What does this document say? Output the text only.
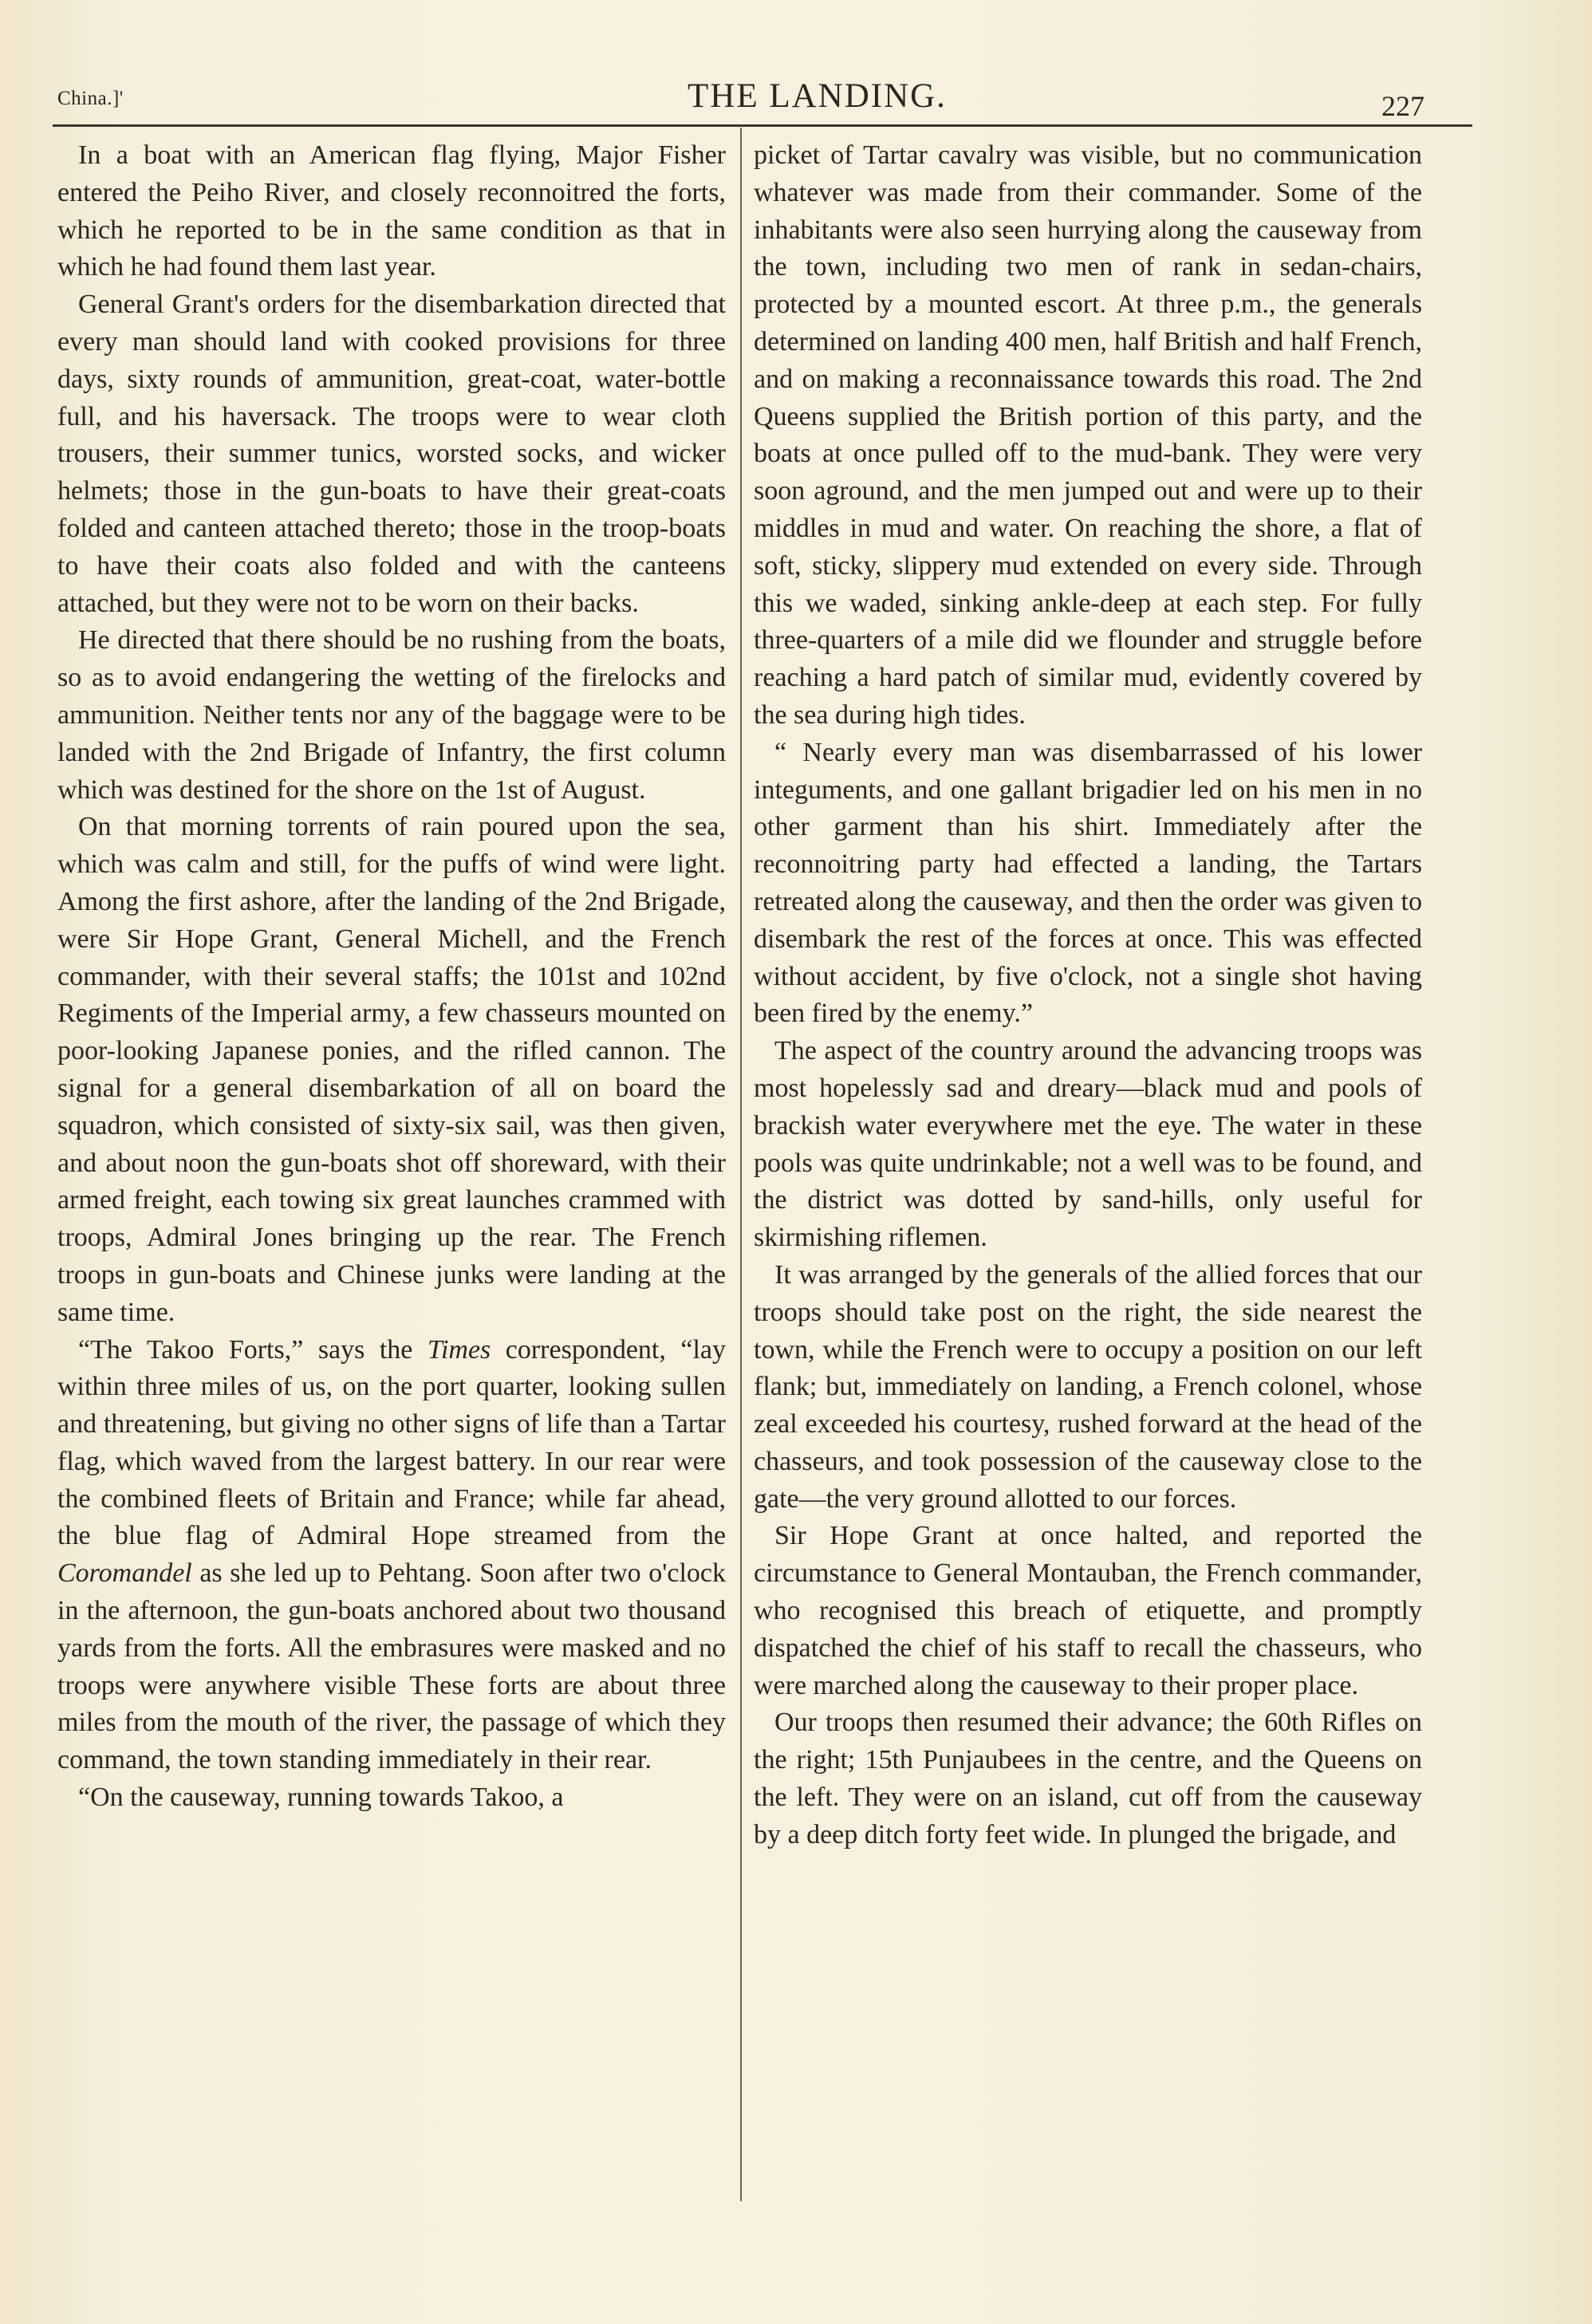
China.]'	THE LANDING.	227

In a boat with an American flag flying, Major Fisher entered the Peiho River, and closely reconnoitred the forts, which he reported to be in the same condition as that in which he had found them last year.

General Grant's orders for the disembarkation directed that every man should land with cooked provisions for three days, sixty rounds of ammunition, great-coat, water-bottle full, and his haversack. The troops were to wear cloth trousers, their summer tunics, worsted socks, and wicker helmets; those in the gun-boats to have their great-coats folded and canteen attached thereto; those in the troop-boats to have their coats also folded and with the canteens attached, but they were not to be worn on their backs.

He directed that there should be no rushing from the boats, so as to avoid endangering the wetting of the firelocks and ammunition. Neither tents nor any of the baggage were to be landed with the 2nd Brigade of Infantry, the first column which was destined for the shore on the 1st of August.

On that morning torrents of rain poured upon the sea, which was calm and still, for the puffs of wind were light. Among the first ashore, after the landing of the 2nd Brigade, were Sir Hope Grant, General Michell, and the French commander, with their several staffs; the 101st and 102nd Regiments of the Imperial army, a few chasseurs mounted on poor-looking Japanese ponies, and the rifled cannon. The signal for a general disembarkation of all on board the squadron, which consisted of sixty-six sail, was then given, and about noon the gun-boats shot off shoreward, with their armed freight, each towing six great launches crammed with troops, Admiral Jones bringing up the rear. The French troops in gun-boats and Chinese junks were landing at the same time.

“The Takoo Forts,” says the Times correspondent, “lay within three miles of us, on the port quarter, looking sullen and threatening, but giving no other signs of life than a Tartar flag, which waved from the largest battery. In our rear were the combined fleets of Britain and France; while far ahead, the blue flag of Admiral Hope streamed from the Coromandel as she led up to Pehtang. Soon after two o'clock in the afternoon, the gun-boats anchored about two thousand yards from the forts. All the embrasures were masked and no troops were anywhere visible These forts are about three miles from the mouth of the river, the passage of which they command, the town standing immediately in their rear.

“On the causeway, running towards Takoo, a

picket of Tartar cavalry was visible, but no communication whatever was made from their commander. Some of the inhabitants were also seen hurrying along the causeway from the town, including two men of rank in sedan-chairs, protected by a mounted escort. At three p.m., the generals determined on landing 400 men, half British and half French, and on making a reconnaissance towards this road. The 2nd Queens supplied the British portion of this party, and the boats at once pulled off to the mud-bank. They were very soon aground, and the men jumped out and were up to their middles in mud and water. On reaching the shore, a flat of soft, sticky, slippery mud extended on every side. Through this we waded, sinking ankle-deep at each step. For fully three-quarters of a mile did we flounder and struggle before reaching a hard patch of similar mud, evidently covered by the sea during high tides.

“ Nearly every man was disembarrassed of his lower integuments, and one gallant brigadier led on his men in no other garment than his shirt. Immediately after the reconnoitring party had effected a landing, the Tartars retreated along the causeway, and then the order was given to disembark the rest of the forces at once. This was effected without accident, by five o'clock, not a single shot having been fired by the enemy.”

The aspect of the country around the advancing troops was most hopelessly sad and dreary—black mud and pools of brackish water everywhere met the eye. The water in these pools was quite undrinkable; not a well was to be found, and the district was dotted by sand-hills, only useful for skirmishing riflemen.

It was arranged by the generals of the allied forces that our troops should take post on the right, the side nearest the town, while the French were to occupy a position on our left flank; but, immediately on landing, a French colonel, whose zeal exceeded his courtesy, rushed forward at the head of the chasseurs, and took possession of the causeway close to the gate—the very ground allotted to our forces.

Sir Hope Grant at once halted, and reported the circumstance to General Montauban, the French commander, who recognised this breach of etiquette, and promptly dispatched the chief of his staff to recall the chasseurs, who were marched along the causeway to their proper place.

Our troops then resumed their advance; the 60th Rifles on the right; 15th Punjaubees in the centre, and the Queens on the left. They were on an island, cut off from the causeway by a deep ditch forty feet wide. In plunged the brigade, and
